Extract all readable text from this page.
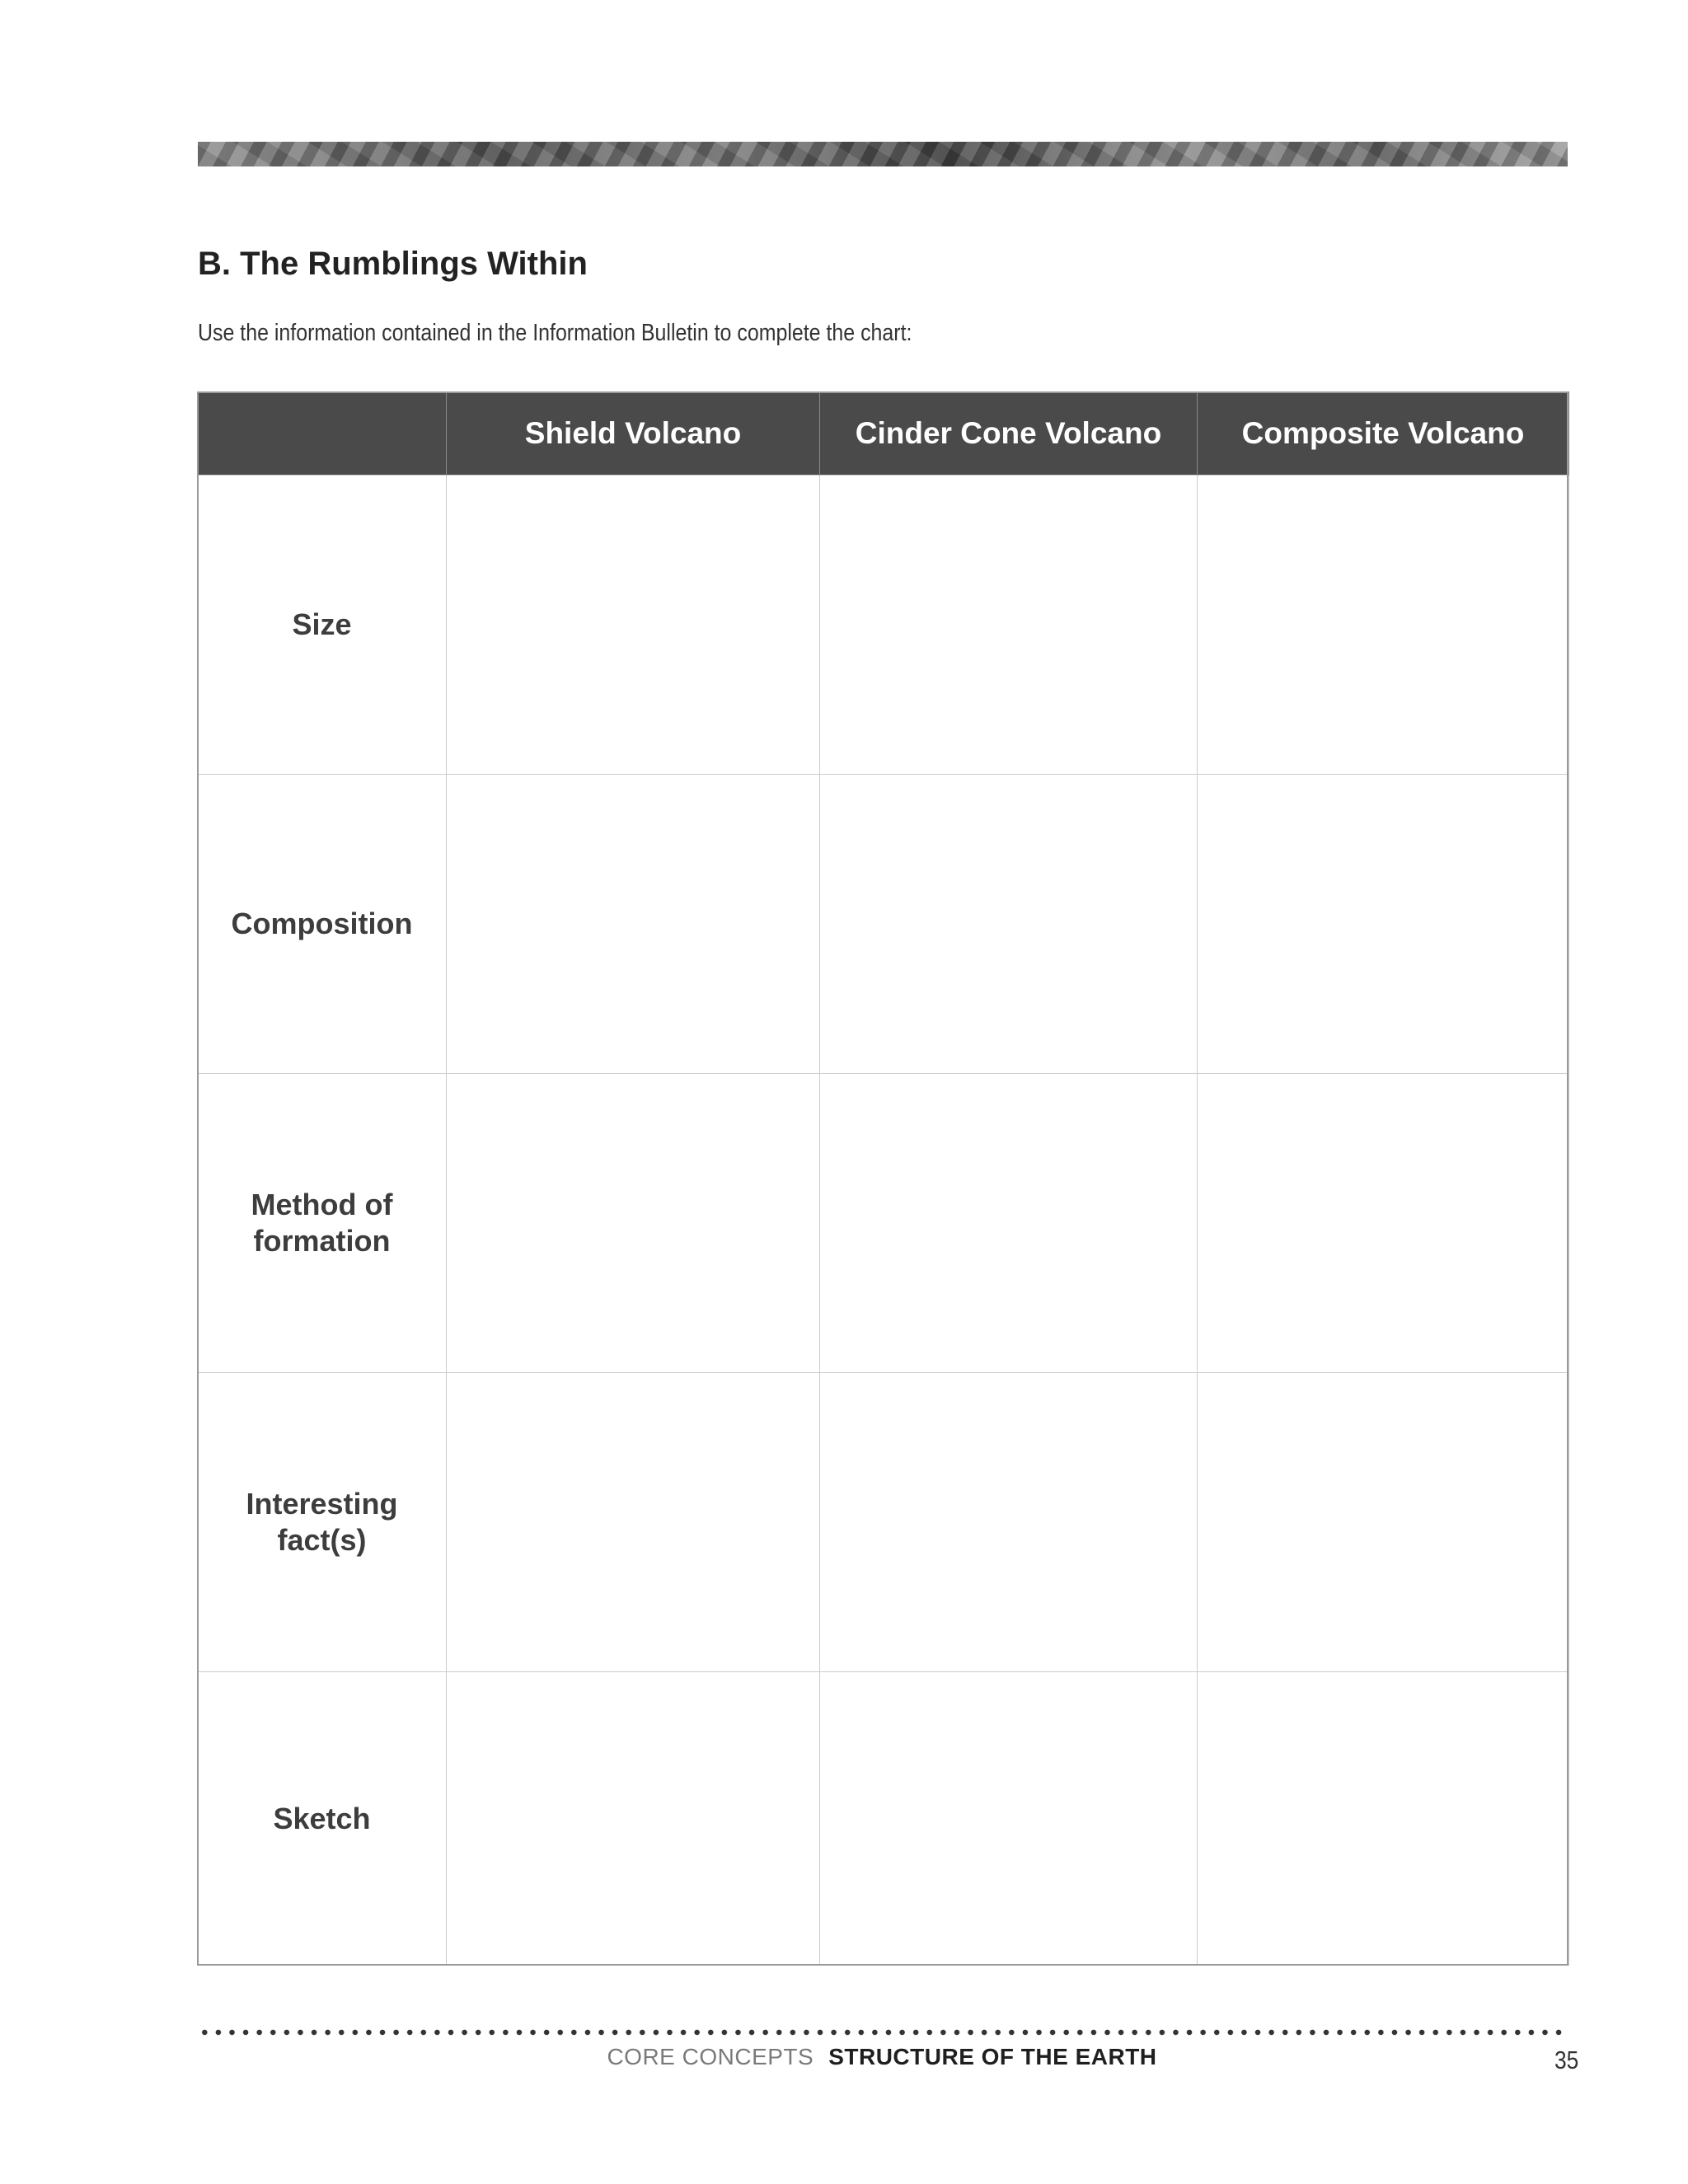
B. The Rumblings Within

Use the information contained in the Information Bulletin to complete the chart:

	Shield Volcano	Cinder Cone Volcano	Composite Volcano
Size			
Composition			
Method of formation			
Interesting fact(s)			
Sketch			
CORE CONCEPTS STRUCTURE OF THE EARTH	35
